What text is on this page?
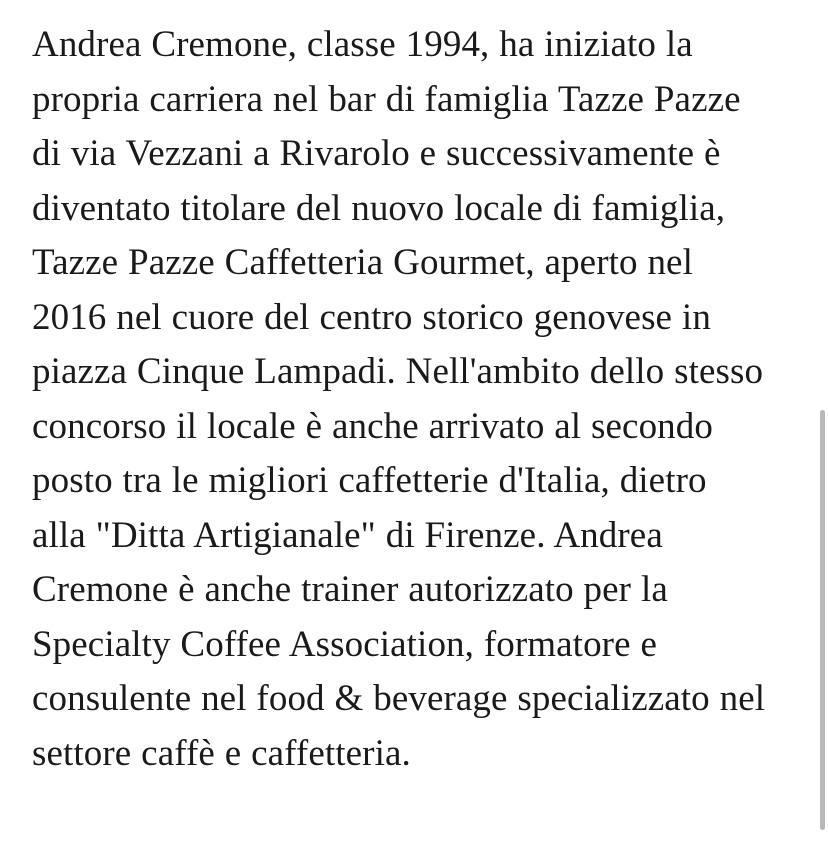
Andrea Cremone, classe 1994, ha iniziato la propria carriera nel bar di famiglia Tazze Pazze di via Vezzani a Rivarolo e successivamente è diventato titolare del nuovo locale di famiglia, Tazze Pazze Caffetteria Gourmet, aperto nel 2016 nel cuore del centro storico genovese in piazza Cinque Lampadi. Nell'ambito dello stesso concorso il locale è anche arrivato al secondo posto tra le migliori caffetterie d'Italia, dietro alla "Ditta Artigianale" di Firenze. Andrea Cremone è anche trainer autorizzato per la Specialty Coffee Association, formatore e consulente nel food & beverage specializzato nel settore caffè e caffetteria.
